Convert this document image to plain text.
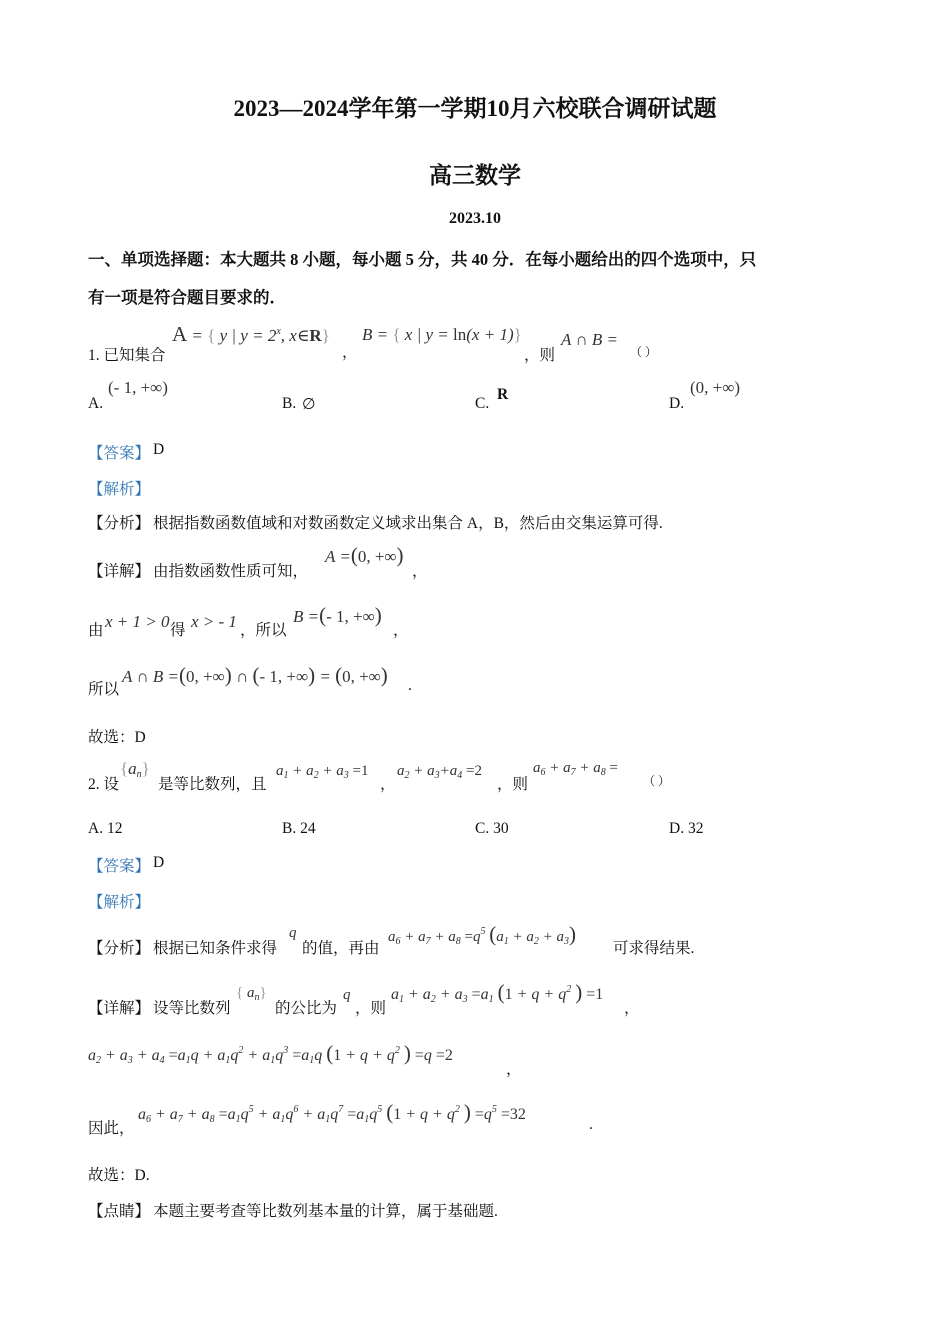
2023—2024学年第一学期10月六校联合调研试题
高三数学
2023.10
一、单项选择题：本大题共 8 小题，每小题 5 分，共 40 分．在每小题给出的四个选项中，只
有一项是符合题目要求的．
1. 已知集合
A = { y | $y = 2^x$, x∈R}
，
B = { x | y = ln(x + 1)}
，则
A ∩ B =
（ ）
A.
(- 1, +∞)
B. ∅	C.
R
D.
(0, +∞)
【答案】 D
【解析】
【分析】 根据指数函数值域和对数函数定义域求出集合 A，B，然后由交集运算可得.
【详解】 由指数函数性质可知，
A =(0, +∞)
，
由 x + 1 > 0 得 x > - 1 ，所以
B =(- 1, +∞)
，
所以
A ∩ B =(0, +∞) ∩ (- 1, +∞) = (0, +∞) .
故选：D
2. 设
$\{a_n\}$
是等比数列，且
$a_1 + a_2 + a_3 =1$
，
$a_2 + a_3+a_4 =2$
，则
$a_6 + a_7 + a_8$ =
（ ）
A. 12	B. 24	C. 30	D. 32
【答案】 D
【解析】
【分析】 根据已知条件求得
q
的值，再由
$a_6 + a_7 + a_8 =q^5$ $(a_1 + a_2 + a_3)$
可求得结果.
【详解】 设等比数列
{ $a_n$}
的公比为
q
，则
$a_1 + a_2 + a_3 =a_1$ ($1 + q + q^2$ ) =1
，
$a_2 + a_3 + a_4 =a_1q + a_1q^2 + a_1q^3 =a_1q$ ($1 + q + q^2$ ) =q =2
，
因此，
$a_6 + a_7 + a_8 =a_1q^5 + a_1q^6 + a_1q^7 =a_1q^5$ ($1 + q + q^2$ ) $=q^5 =32$
.
故选：D.
【点睛】 本题主要考查等比数列基本量的计算，属于基础题.
